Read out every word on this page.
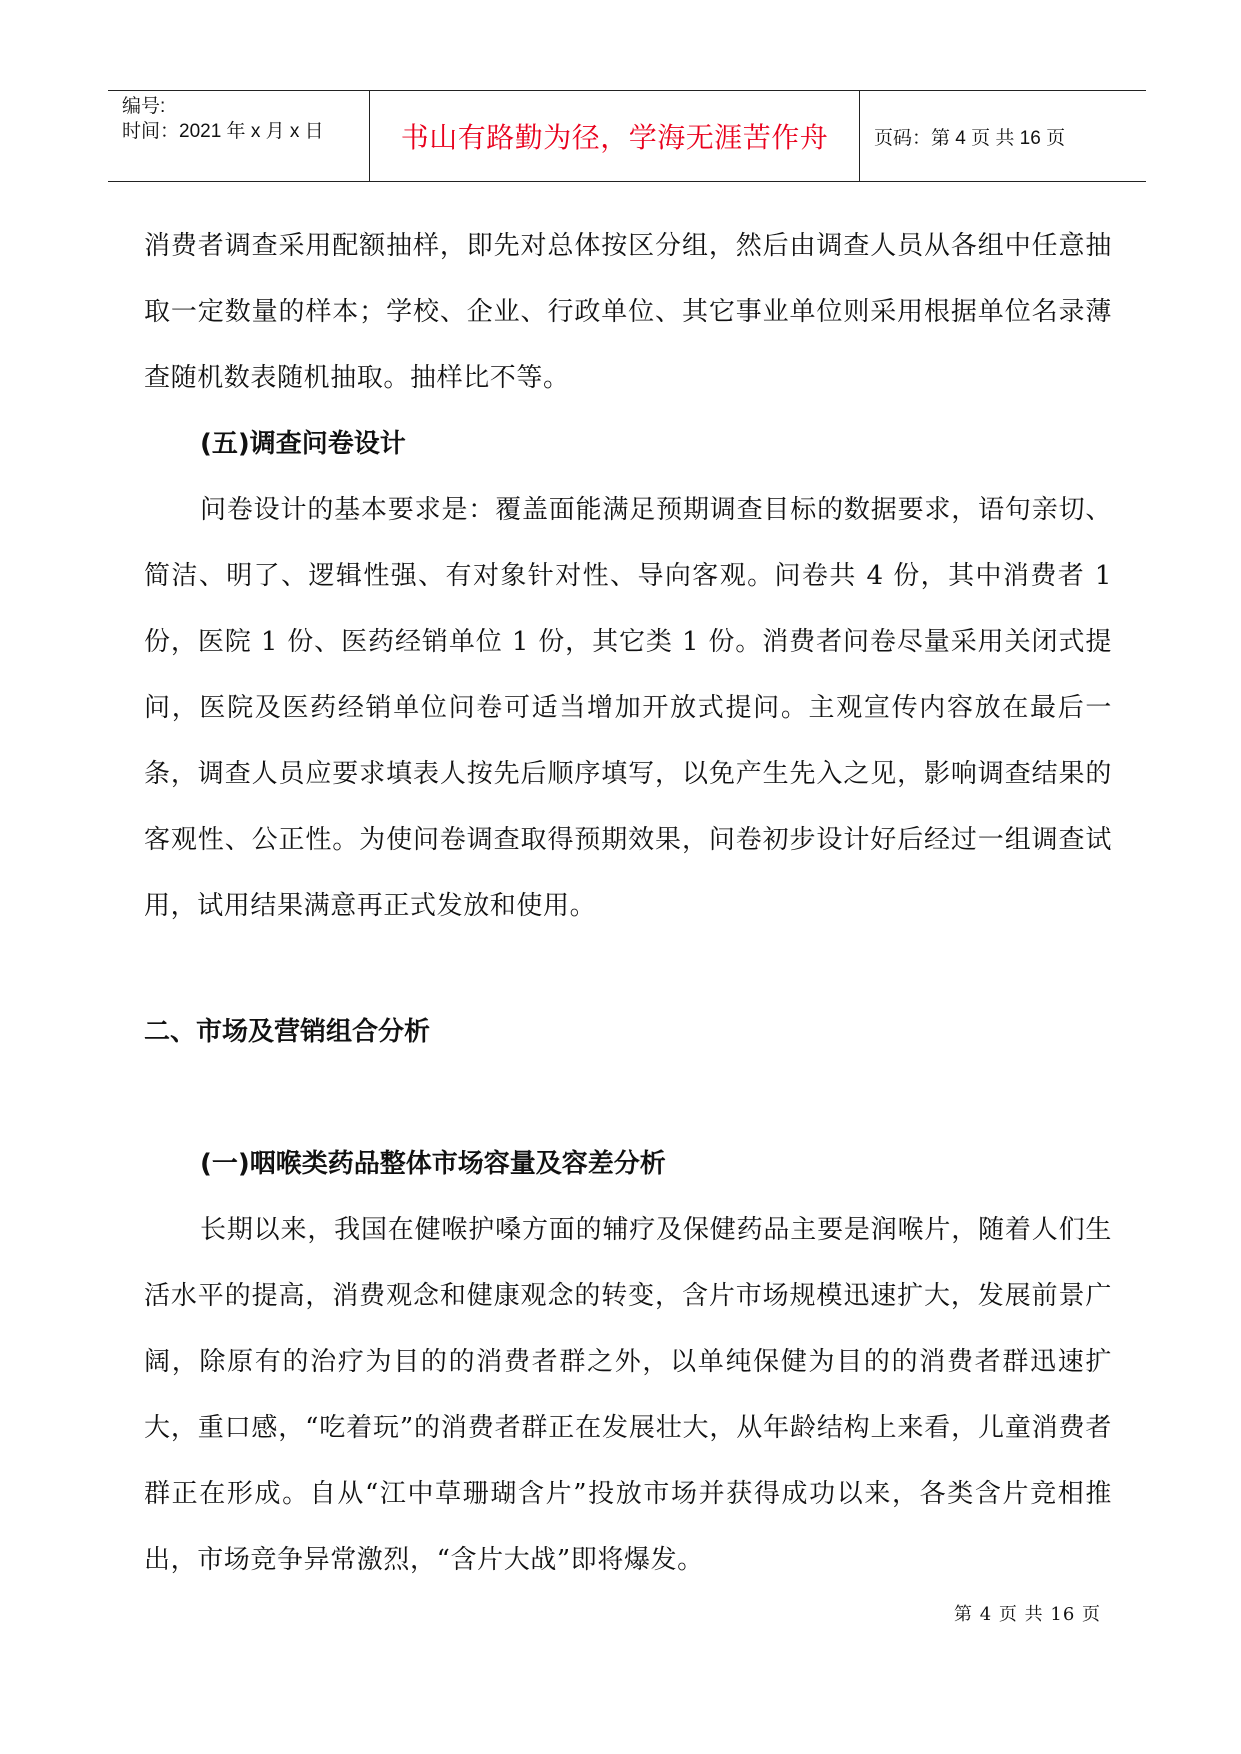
编号:
时间：2021 年 x 月 x 日	书山有路勤为径，学海无涯苦作舟	页码：第 4 页 共 16 页

消费者调查采用配额抽样，即先对总体按区分组，然后由调查人员从各组中任意抽取一定数量的样本；学校、企业、行政单位、其它事业单位则采用根据单位名录薄查随机数表随机抽取。抽样比不等。

(五)调查问卷设计

问卷设计的基本要求是：覆盖面能满足预期调查目标的数据要求，语句亲切、简洁、明了、逻辑性强、有对象针对性、导向客观。问卷共 4 份，其中消费者 1 份，医院 1 份、医药经销单位 1 份，其它类 1 份。消费者问卷尽量采用关闭式提问，医院及医药经销单位问卷可适当增加开放式提问。主观宣传内容放在最后一条，调查人员应要求填表人按先后顺序填写，以免产生先入之见，影响调查结果的客观性、公正性。为使问卷调查取得预期效果，问卷初步设计好后经过一组调查试用，试用结果满意再正式发放和使用。

二、市场及营销组合分析
(一)咽喉类药品整体市场容量及容差分析

长期以来，我国在健喉护嗓方面的辅疗及保健药品主要是润喉片，随着人们生活水平的提高，消费观念和健康观念的转变，含片市场规模迅速扩大，发展前景广阔，除原有的治疗为目的的消费者群之外，以单纯保健为目的的消费者群迅速扩大，重口感，“吃着玩”的消费者群正在发展壮大，从年龄结构上来看，儿童消费者群正在形成。自从“江中草珊瑚含片”投放市场并获得成功以来，各类含片竞相推出，市场竞争异常激烈，“含片大战”即将爆发。

第 4 页 共 16 页
